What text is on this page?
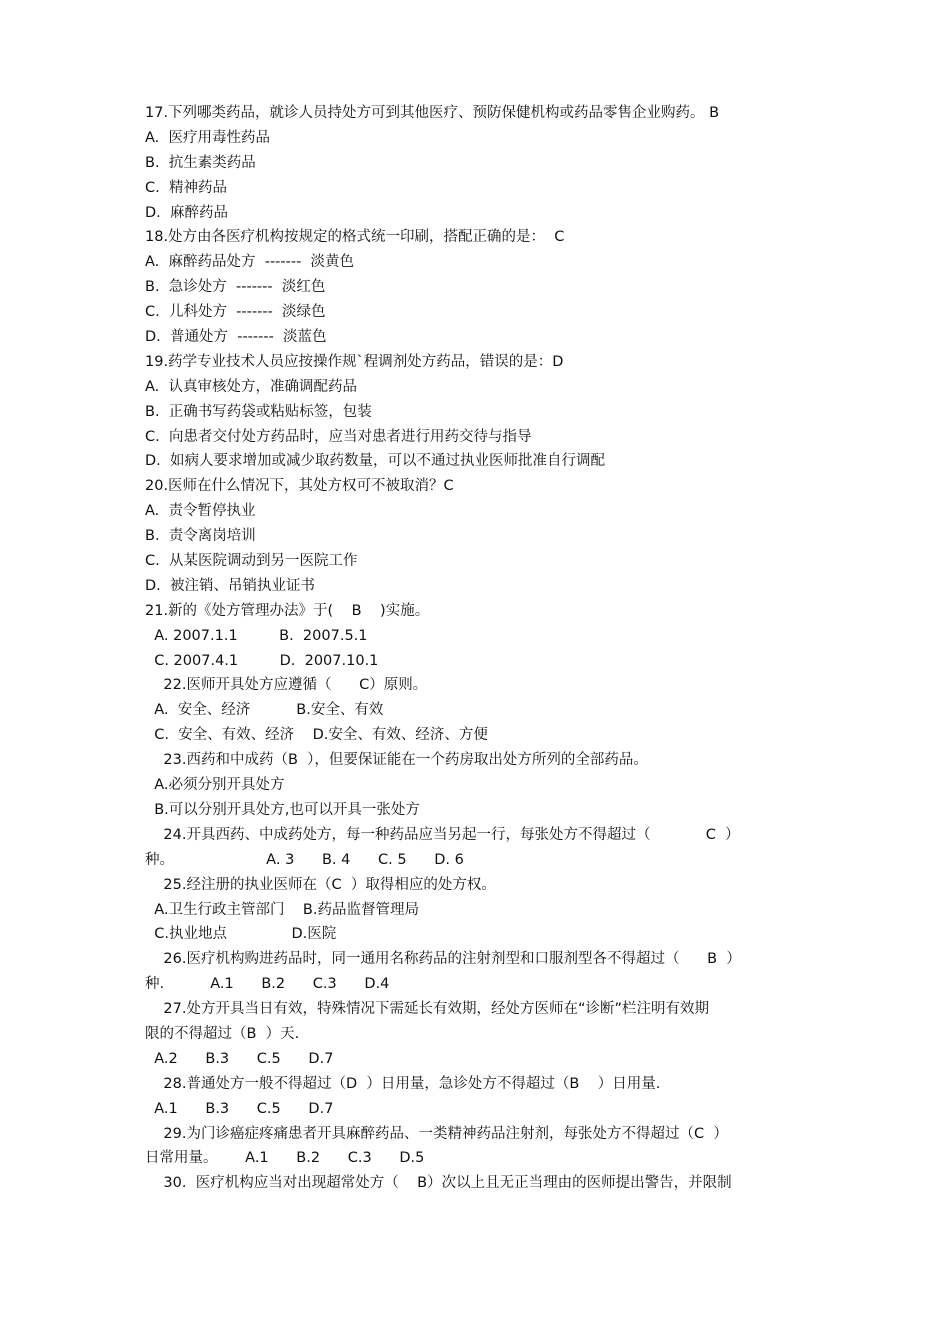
17.下列哪类药品，就诊人员持处方可到其他医疗、预防保健机构或药品零售企业购药。 B
A.  医疗用毒性药品
B.  抗生素类药品
C.  精神药品
D.  麻醉药品
18.处方由各医疗机构按规定的格式统一印刷，搭配正确的是：  C
A.  麻醉药品处方  -------  淡黄色
B.  急诊处方  -------  淡红色
C.  儿科处方  -------  淡绿色
D.  普通处方  -------  淡蓝色
19.药学专业技术人员应按操作规`程调剂处方药品，错误的是：D
A.  认真审核处方，准确调配药品
B.  正确书写药袋或粘贴标签，包装
C.  向患者交付处方药品时，应当对患者进行用药交待与指导
D.  如病人要求增加或减少取药数量，可以不通过执业医师批准自行调配
20.医师在什么情况下，其处方权可不被取消？C
A.  责令暂停执业
B.  责令离岗培训
C.  从某医院调动到另一医院工作
D.  被注销、吊销执业证书
21.新的《处方管理办法》于(    B    )实施。
A. 2007.1.1         B.  2007.5.1
C. 2007.4.1         D.  2007.10.1
22.医师开具处方应遵循（      C）原则。
A.  安全、经济          B.安全、有效
C.  安全、有效、经济    D.安全、有效、经济、方便
23.西药和中成药（B  ），但要保证能在一个药房取出处方所列的全部药品。
A.必须分别开具处方
B.可以分别开具处方,也可以开具一张处方
24.开具西药、中成药处方，每一种药品应当另起一行，每张处方不得超过（            C  ）
种。                    A. 3      B. 4      C. 5      D. 6
25.经注册的执业医师在（C  ）取得相应的处方权。
A.卫生行政主管部门    B.药品监督管理局
C.执业地点              D.医院
26.医疗机构购进药品时，同一通用名称药品的注射剂型和口服剂型各不得超过（      B  ）
种.          A.1      B.2      C.3      D.4
27.处方开具当日有效，特殊情况下需延长有效期，经处方医师在“诊断”栏注明有效期
限的不得超过（B  ）天.
A.2      B.3      C.5      D.7
28.普通处方一般不得超过（D  ）日用量，急诊处方不得超过（B    ）日用量.
A.1      B.3      C.5      D.7
29.为门诊癌症疼痛患者开具麻醉药品、一类精神药品注射剂，每张处方不得超过（C  ）
日常用量。      A.1      B.2      C.3      D.5
30.  医疗机构应当对出现超常处方（    B）次以上且无正当理由的医师提出警告，并限制
